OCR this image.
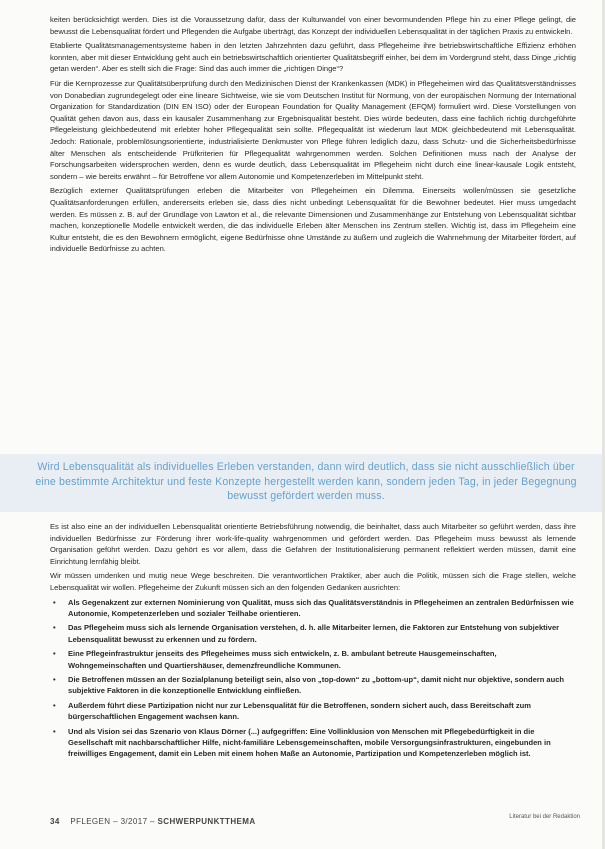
keiten berücksichtigt werden. Dies ist die Voraussetzung dafür, dass der Kulturwandel von einer bevormundenden Pflege hin zu einer Pflege gelingt, die bewusst die Lebensqualität fördert und Pflegenden die Aufgabe überträgt, das Konzept der individuellen Lebensqualität in der täglichen Praxis zu entwickeln.

Etablierte Qualitätsmanagementsysteme haben in den letzten Jahrzehnten dazu geführt, dass Pflegeheime ihre betriebswirtschaftliche Effizienz erhöhen konnten, aber mit dieser Entwicklung geht auch ein betriebswirtschaftlich orientierter Qualitätsbegriff einher, bei dem im Vordergrund steht, dass Dinge „richtig getan werden“. Aber es stellt sich die Frage: Sind das auch immer die „richtigen Dinge“?

Für die Kernprozesse zur Qualitätsüberprüfung durch den Medizinischen Dienst der Krankenkassen (MDK) in Pflegeheimen wird das Qualitätsverständnisses von Donabedian zugrundegelegt oder eine lineare Sichtweise, wie sie vom Deutschen Institut für Normung, von der europäischen Normung der International Organization for Standardization (DIN EN ISO) oder der European Foundation for Quality Management (EFQM) formuliert wird. Diese Vorstellungen von Qualität gehen davon aus, dass ein kausaler Zusammenhang zur Ergebnisqualität besteht. Dies würde bedeuten, dass eine fachlich richtig durchgeführte Pflegeleistung gleichbedeutend mit erlebter hoher Pflegequalität sein sollte. Pflegequalität ist wiederum laut MDK gleichbedeutend mit Lebensqualität. Jedoch: Rationale, problemlösungsorientierte, industrialisierte Denkmuster von Pflege führen lediglich dazu, dass Schutz- und die Sicherheitsbedürfnisse älter Menschen als entscheidende Prüfkriterien für Pflegequalität wahrgenommen werden. Solchen Definitionen muss nach der Analyse der Forschungsarbeiten widersprochen werden, denn es wurde deutlich, dass Lebensqualität im Pflegeheim nicht durch eine linear-kausale Logik entsteht, sondern – wie bereits erwähnt – für Betroffene vor allem Autonomie und Kompetenzerleben im Mittelpunkt steht.

Bezüglich externer Qualitätsprüfungen erleben die Mitarbeiter von Pflegeheimen ein Dilemma. Einerseits wollen/müssen sie gesetzliche Qualitätsanforderungen erfüllen, andererseits erleben sie, dass dies nicht unbedingt Lebensqualität für die Bewohner bedeutet. Hier muss umgedacht werden. Es müssen z. B. auf der Grundlage von Lawton et al., die relevante Dimensionen und Zusammenhänge zur Entstehung von Lebensqualität sichtbar machen, konzeptionelle Modelle entwickelt werden, die das individuelle Erleben älter Menschen ins Zentrum stellen. Wichtig ist, dass im Pflegeheim eine Kultur entsteht, die es den Bewohnern ermöglicht, eigene Bedürfnisse ohne Umstände zu äußern und zugleich die Wahrnehmung der Mitarbeiter fördert, auf individuelle Bedürfnisse zu achten.

Wird Lebensqualität als individuelles Erleben verstanden, dann wird deutlich, dass sie nicht ausschließlich über eine bestimmte Architektur und feste Konzepte hergestellt werden kann, sondern jeden Tag, in jeder Begegnung bewusst gefördert werden muss.

Es ist also eine an der individuellen Lebensqualität orientierte Betriebsführung notwendig, die beinhaltet, dass auch Mitarbeiter so geführt werden, dass ihre individuellen Bedürfnisse zur Förderung ihrer work-life-quality wahrgenommen und gefördert werden. Das Pflegeheim muss bewusst als lernende Organisation geführt werden. Dazu gehört es vor allem, dass die Gefahren der Institutionalisierung permanent reflektiert werden müssen, damit eine Einrichtung lernfähig bleibt.

Wir müssen umdenken und mutig neue Wege beschreiten. Die verantwortlichen Praktiker, aber auch die Politik, müssen sich die Frage stellen, welche Lebensqualität wir wollen. Pflegeheime der Zukunft müssen sich an den folgenden Gedanken ausrichten:

• Als Gegenakzent zur externen Nominierung von Qualität, muss sich das Qualitätsverständnis in Pflegeheimen an zentralen Bedürfnissen wie Autonomie, Kompetenzerleben und sozialer Teilhabe orientieren.
• Das Pflegeheim muss sich als lernende Organisation verstehen, d. h. alle Mitarbeiter lernen, die Faktoren zur Entstehung von subjektiver Lebensqualität bewusst zu erkennen und zu fördern.
• Eine Pflegeinfrastruktur jenseits des Pflegeheimes muss sich entwickeln, z. B. ambulant betreute Hausgemeinschaften, Wohngemeinschaften und Quartiershäuser, demenzfreundliche Kommunen.
• Die Betroffenen müssen an der Sozialplanung beteiligt sein, also von „top-down“ zu „bottom-up“, damit nicht nur objektive, sondern auch subjektive Faktoren in die konzeptionelle Entwicklung einfließen.
• Außerdem führt diese Partizipation nicht nur zur Lebensqualität für die Betroffenen, sondern sichert auch, dass Bereitschaft zum bürgerschaftlichen Engagement wachsen kann.
• Und als Vision sei das Szenario von Klaus Dörner (...) aufgegriffen: Eine Vollinklusion von Menschen mit Pflegebedürftigkeit in die Gesellschaft mit nachbarschaftlicher Hilfe, nicht-familiäre Lebensgemeinschaften, mobile Versorgungsinfrastrukturen, eingebunden in freiwilliges Engagement, damit ein Leben mit einem hohen Maße an Autonomie, Partizipation und Kompetenzerleben möglich ist.
34 PFLEGEN – 3/2017 – SCHWERPUNKTTHEMA	Literatur bei der Redaktion
